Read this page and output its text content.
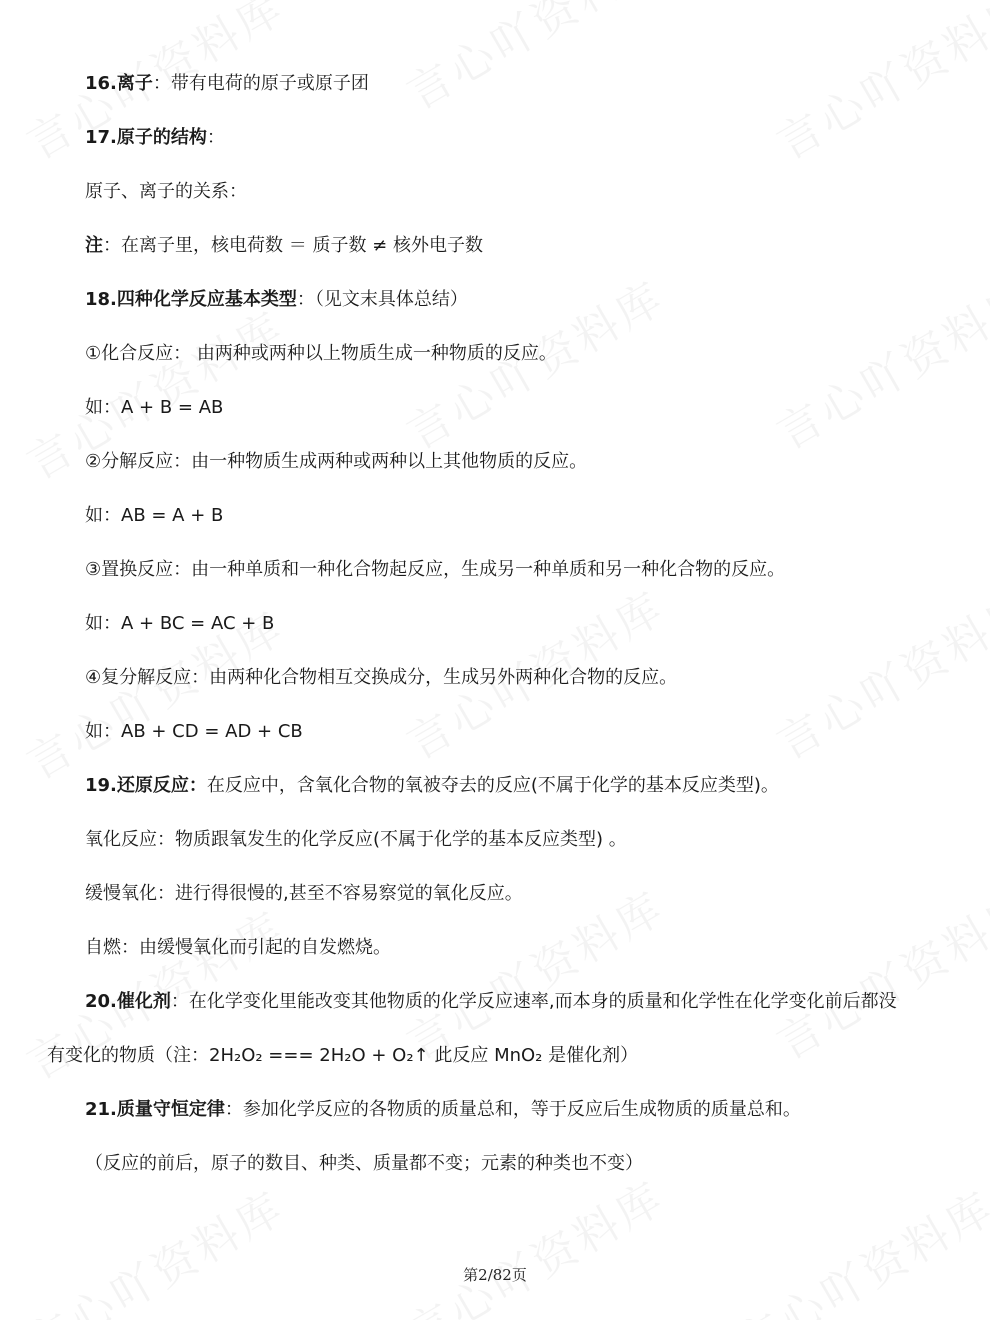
16.离子：带有电荷的原子或原子团
17.原子的结构：
原子、离子的关系：
注：在离子里，核电荷数 ＝ 质子数 ≠ 核外电子数
18.四种化学反应基本类型：（见文末具体总结）
①化合反应： 由两种或两种以上物质生成一种物质的反应。
如：A + B = AB
②分解反应：由一种物质生成两种或两种以上其他物质的反应。
如：AB = A + B
③置换反应：由一种单质和一种化合物起反应，生成另一种单质和另一种化合物的反应。
如：A + BC = AC + B
④复分解反应：由两种化合物相互交换成分，生成另外两种化合物的反应。
如：AB + CD = AD + CB
19.还原反应：在反应中，含氧化合物的氧被夺去的反应(不属于化学的基本反应类型)。
氧化反应：物质跟氧发生的化学反应(不属于化学的基本反应类型) 。
缓慢氧化：进行得很慢的,甚至不容易察觉的氧化反应。
自燃：由缓慢氧化而引起的自发燃烧。
20.催化剂：在化学变化里能改变其他物质的化学反应速率,而本身的质量和化学性在化学变化前后都没
有变化的物质（注：2H₂O₂ === 2H₂O + O₂↑ 此反应 MnO₂ 是催化剂）
21.质量守恒定律：参加化学反应的各物质的质量总和，等于反应后生成物质的质量总和。
（反应的前后，原子的数目、种类、质量都不变；元素的种类也不变）
第2/82页
